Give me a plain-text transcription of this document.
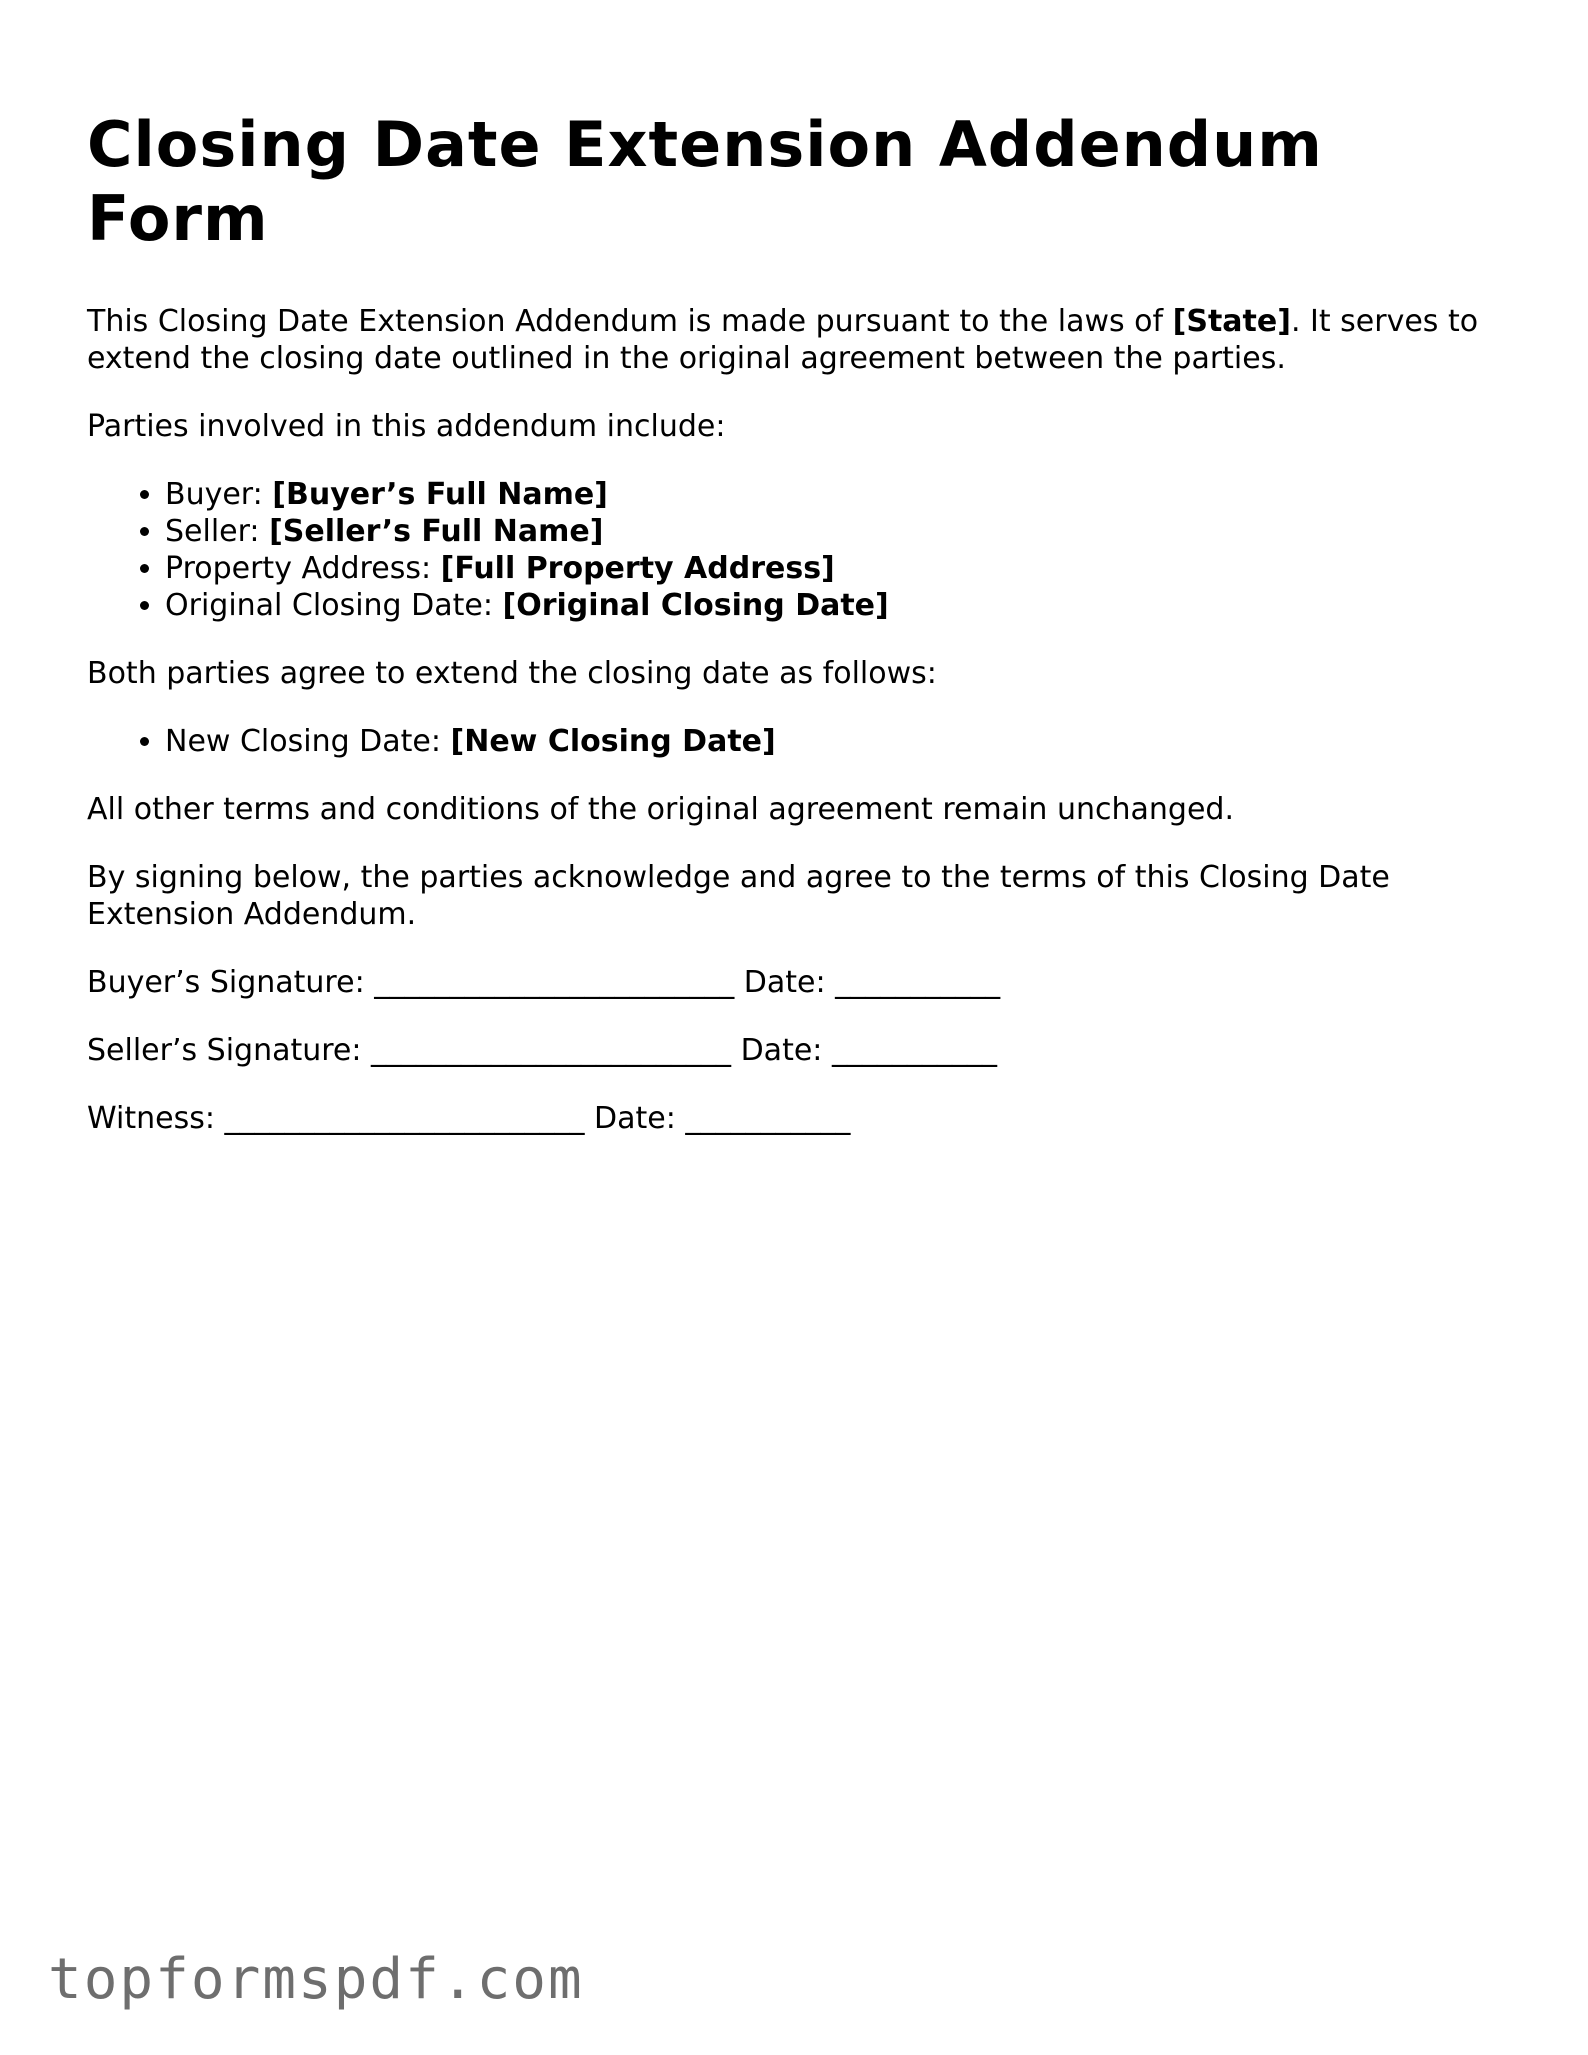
Closing Date Extension Addendum Form

This Closing Date Extension Addendum is made pursuant to the laws of [State]. It serves to extend the closing date outlined in the original agreement between the parties.

Parties involved in this addendum include:

• Buyer: [Buyer’s Full Name]
• Seller: [Seller’s Full Name]
• Property Address: [Full Property Address]
• Original Closing Date: [Original Closing Date]

Both parties agree to extend the closing date as follows:

• New Closing Date: [New Closing Date]

All other terms and conditions of the original agreement remain unchanged.

By signing below, the parties acknowledge and agree to the terms of this Closing Date Extension Addendum.

Buyer’s Signature: ________________________ Date: ___________

Seller’s Signature: ________________________ Date: ___________

Witness: ________________________ Date: ___________

topformspdf.com
